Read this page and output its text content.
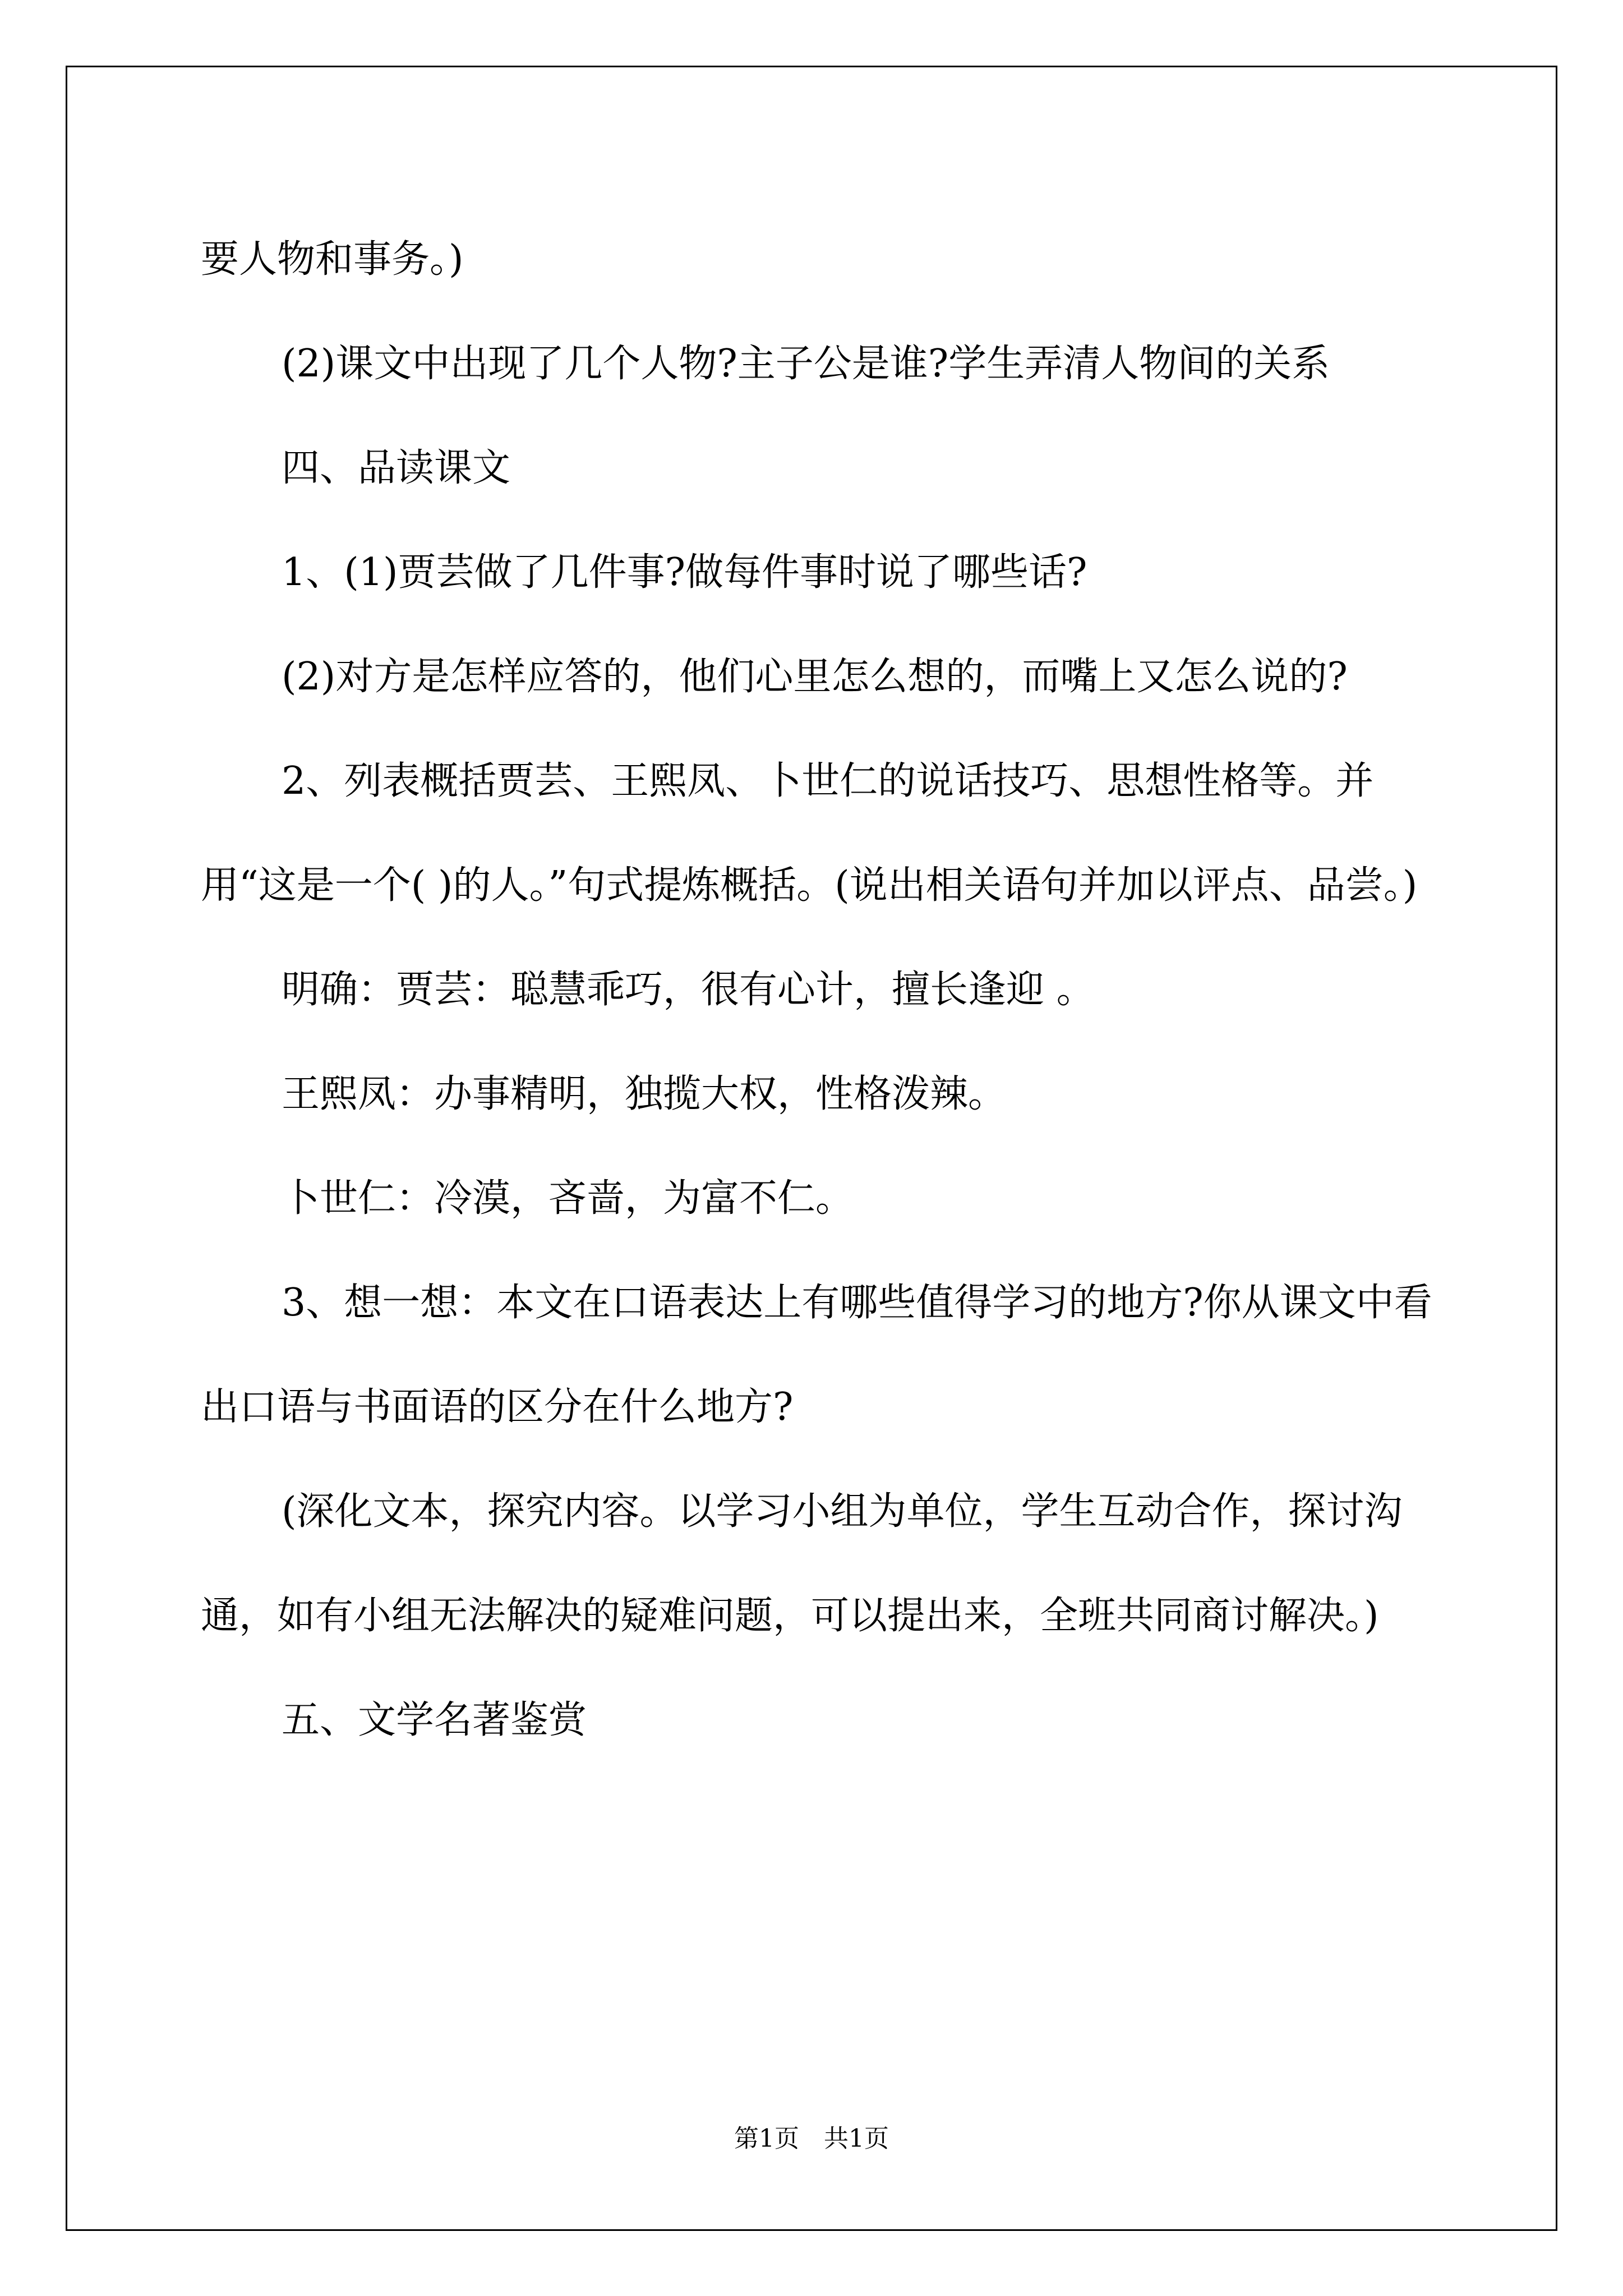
要人物和事务。)

(2)课文中出现了几个人物?主子公是谁?学生弄清人物间的关系

四、品读课文

1、(1)贾芸做了几件事?做每件事时说了哪些话?

(2)对方是怎样应答的，他们心里怎么想的，而嘴上又怎么说的?

2、列表概括贾芸、王熙凤、卜世仁的说话技巧、思想性格等。并用“这是一个( )的人。”句式提炼概括。(说出相关语句并加以评点、品尝。)

明确：贾芸：聪慧乖巧，很有心计，擅长逢迎 。

王熙凤：办事精明，独揽大权，性格泼辣。

卜世仁：冷漠，吝啬，为富不仁。

3、想一想：本文在口语表达上有哪些值得学习的地方?你从课文中看出口语与书面语的区分在什么地方?

(深化文本，探究内容。以学习小组为单位，学生互动合作，探讨沟通，如有小组无法解决的疑难问题，可以提出来，全班共同商讨解决。)

五、文学名著鉴赏

第1页　共1页
